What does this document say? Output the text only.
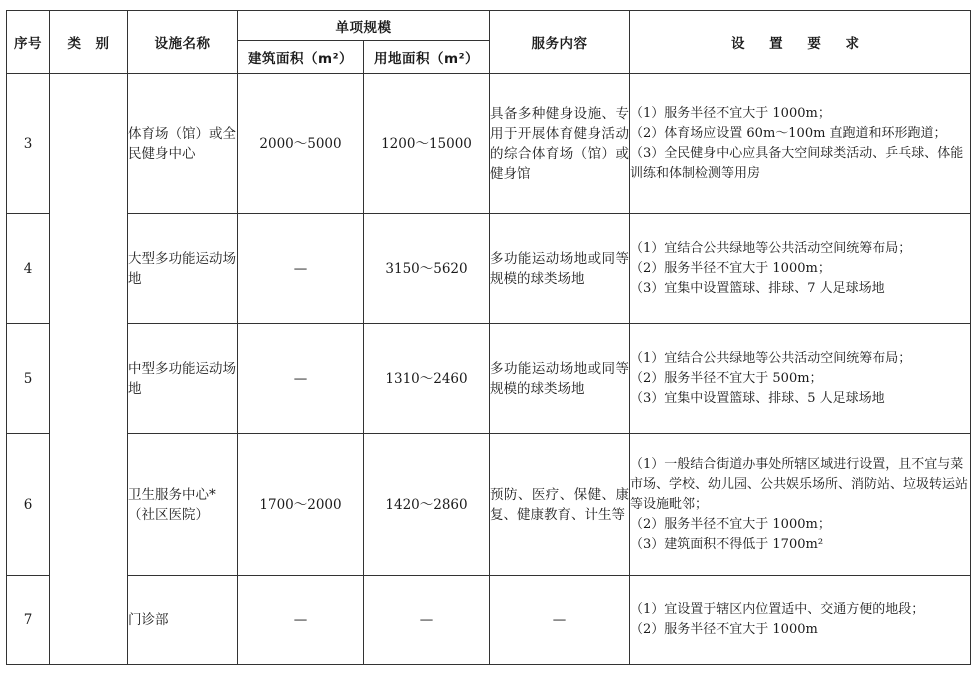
序号	类　别	设施名称	单项规模		服务内容	设 置 要 求
			建筑面积（m²）	用地面积（m²）		
3		体育场（馆）或全民健身中心	2000～5000	1200～15000	具备多种健身设施、专用于开展体育健身活动的综合体育场（馆）或健身馆	（1）服务半径不宜大于 1000m；
（2）体育场应设置 60m～100m 直跑道和环形跑道；
（3）全民健身中心应具备大空间球类活动、乒乓球、体能训练和体制检测等用房

4		大型多功能运动场地	—	3150～5620	多功能运动场地或同等规模的球类场地	（1）宜结合公共绿地等公共活动空间统筹布局；
（2）服务半径不宜大于 1000m；
（3）宜集中设置篮球、排球、7 人足球场地

5		中型多功能运动场地	—	1310～2460	多功能运动场地或同等规模的球类场地	（1）宜结合公共绿地等公共活动空间统筹布局；
（2）服务半径不宜大于 500m；
（3）宜集中设置篮球、排球、5 人足球场地

6		卫生服务中心*（社区医院）	1700～2000	1420～2860	预防、医疗、保健、康复、健康教育、计生等	（1）一般结合街道办事处所辖区域进行设置，且不宜与菜市场、学校、幼儿园、公共娱乐场所、消防站、垃圾转运站等设施毗邻；
（2）服务半径不宜大于 1000m；
（3）建筑面积不得低于 1700m²

7		门诊部	—	—	—	（1）宜设置于辖区内位置适中、交通方便的地段；
（2）服务半径不宜大于 1000m
